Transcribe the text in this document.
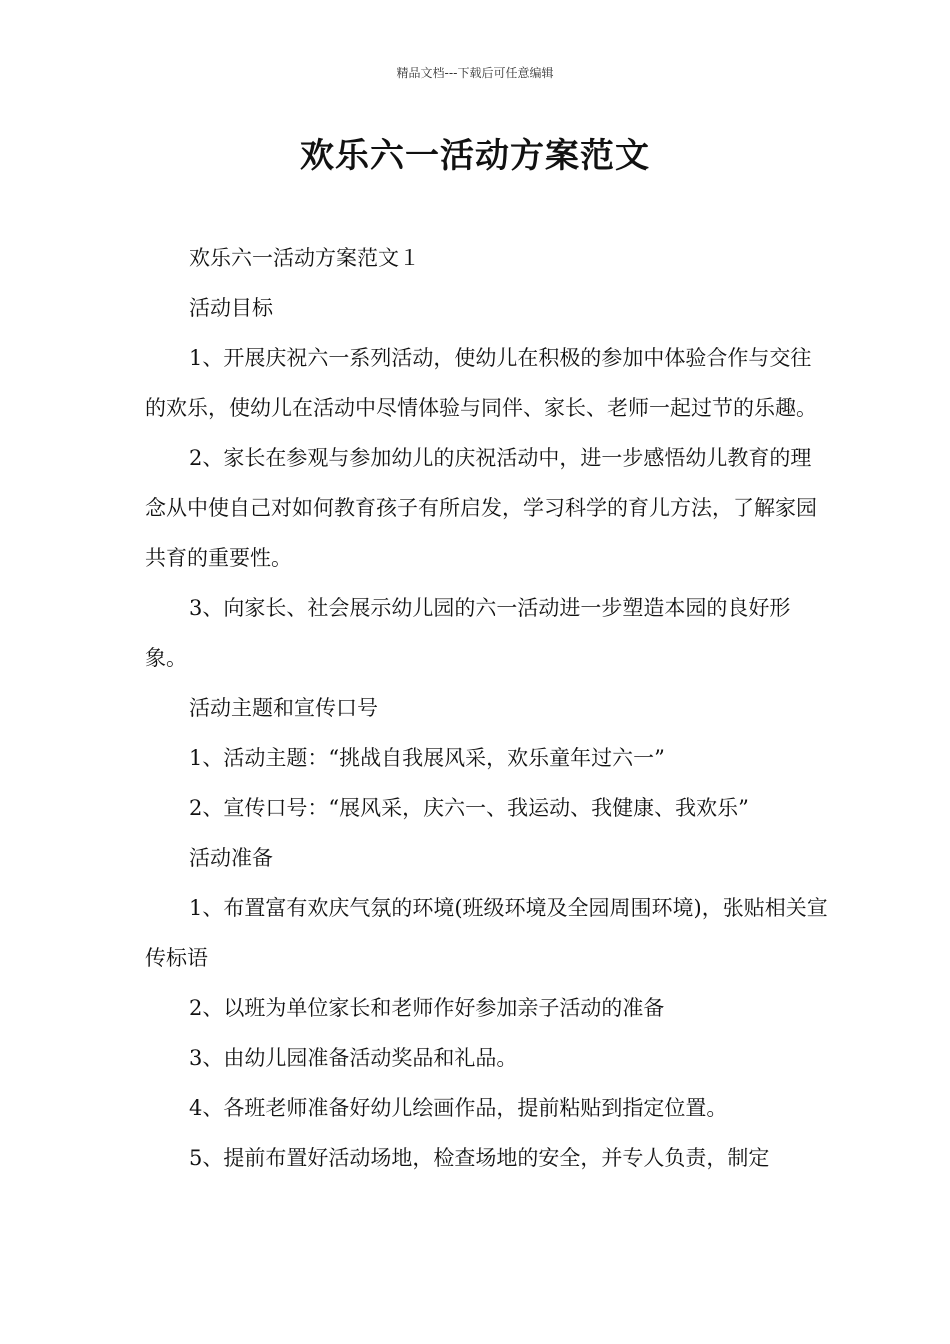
精品文档---下载后可任意编辑
欢乐六一活动方案范文

欢乐六一活动方案范文１

活动目标

1、开展庆祝六一系列活动，使幼儿在积极的参加中体验合作与交往的欢乐，使幼儿在活动中尽情体验与同伴、家长、老师一起过节的乐趣。

2、家长在参观与参加幼儿的庆祝活动中，进一步感悟幼儿教育的理念从中使自己对如何教育孩子有所启发，学习科学的育儿方法，了解家园共育的重要性。

3、向家长、社会展示幼儿园的六一活动进一步塑造本园的良好形象。

活动主题和宣传口号

1、活动主题：“挑战自我展风采，欢乐童年过六一”

2、宣传口号：“展风采，庆六一、我运动、我健康、我欢乐”

活动准备

1、布置富有欢庆气氛的环境(班级环境及全园周围环境)，张贴相关宣传标语

2、以班为单位家长和老师作好参加亲子活动的准备

3、由幼儿园准备活动奖品和礼品。

4、各班老师准备好幼儿绘画作品，提前粘贴到指定位置。

5、提前布置好活动场地，检查场地的安全，并专人负责，制定
